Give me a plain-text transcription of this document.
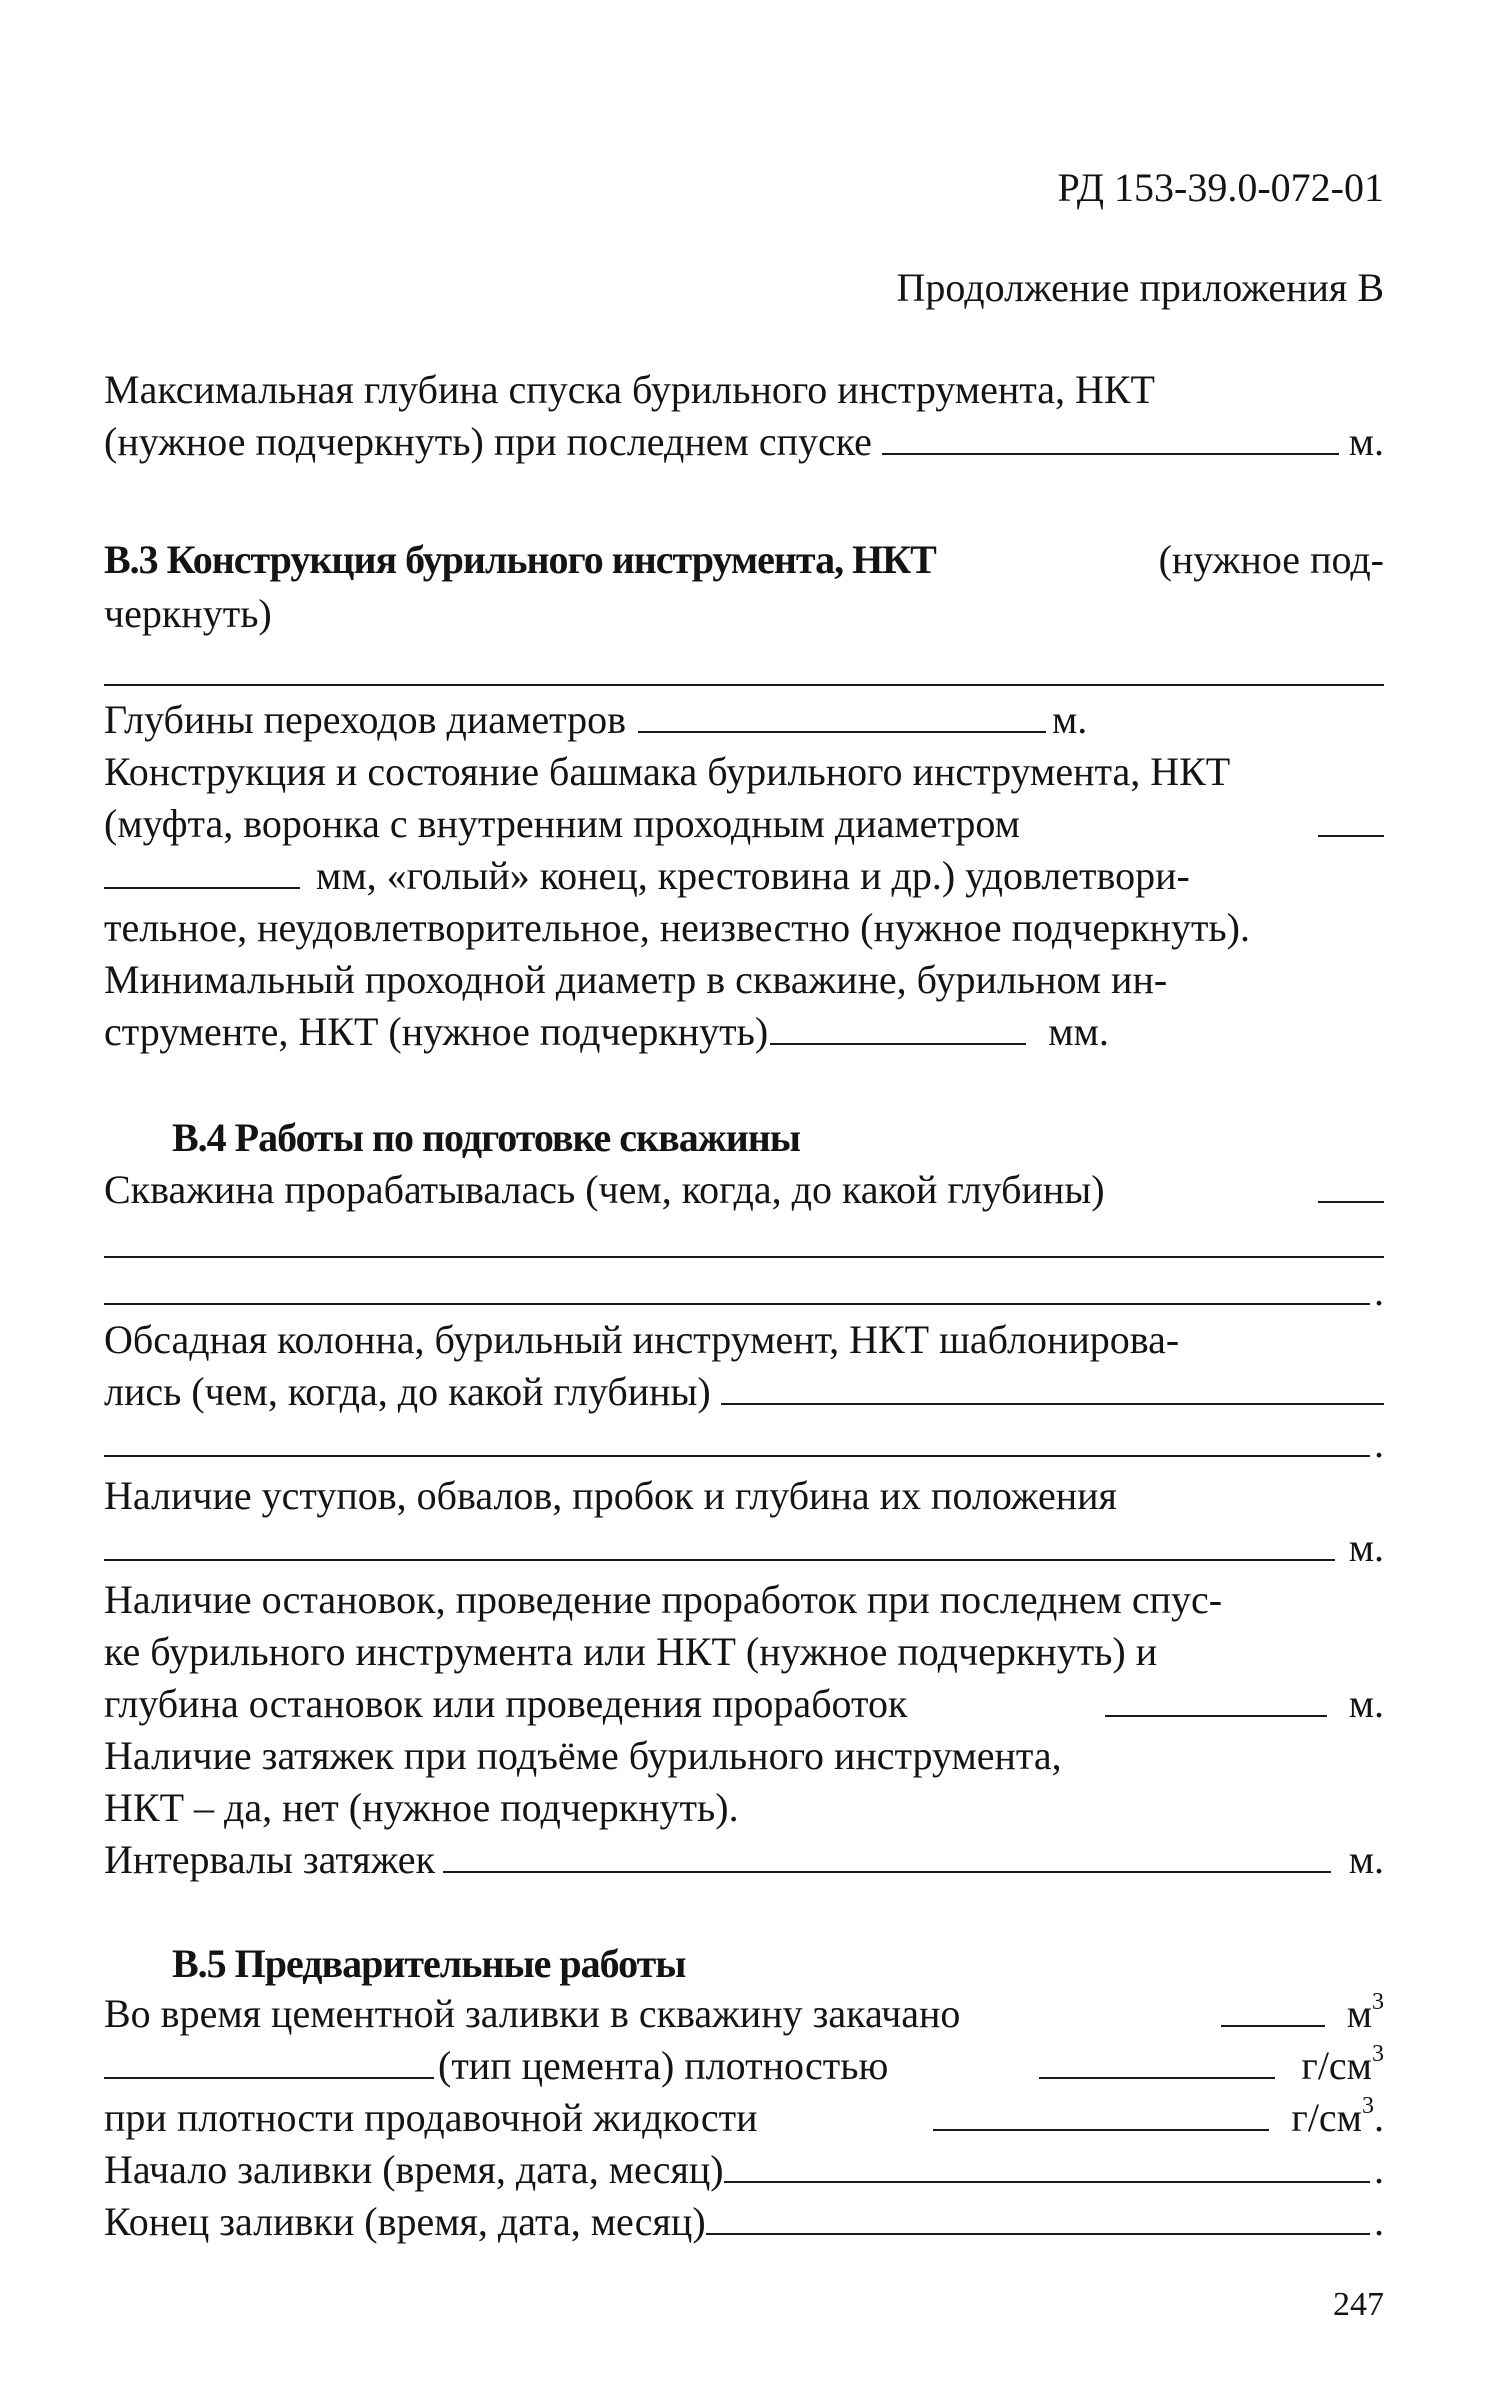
РД 153-39.0-072-01
Продолжение приложения В
Максимальная глубина спуска бурильного инструмента, НКТ
(нужное подчеркнуть) при последнем спуске	м.
В.3 Конструкция бурильного инструмента, НКТ	(нужное под-
черкнуть)
Глубины переходов диаметров	м.
Конструкция и состояние башмака бурильного инструмента, НКТ
(муфта, воронка с внутренним проходным диаметром
мм, «голый» конец, крестовина и др.) удовлетвори-
тельное, неудовлетворительное, неизвестно (нужное подчеркнуть).
Минимальный проходной диаметр в скважине, бурильном ин-
струменте, НКТ (нужное подчеркнуть)	мм.
В.4 Работы по подготовке скважины
Скважина прорабатывалась (чем, когда, до какой глубины)
.
Обсадная колонна, бурильный инструмент, НКТ шаблонирова-
лись (чем, когда, до какой глубины)
.
Наличие уступов, обвалов, пробок и глубина их положения
м.
Наличие остановок, проведение проработок при последнем спус-
ке бурильного инструмента или НКТ (нужное подчеркнуть) и
глубина остановок или проведения проработок	м.
Наличие затяжек при подъёме бурильного инструмента,
НКТ – да, нет (нужное подчеркнуть).
Интервалы затяжек	м.
В.5 Предварительные работы
Во время цементной заливки в скважину закачано	$м^3$
(тип цемента) плотностью	$г/см^3$
при плотности продавочной жидкости	$г/см^3$.
Начало заливки (время, дата, месяц)	.
Конец заливки (время, дата, месяц)	.
247
